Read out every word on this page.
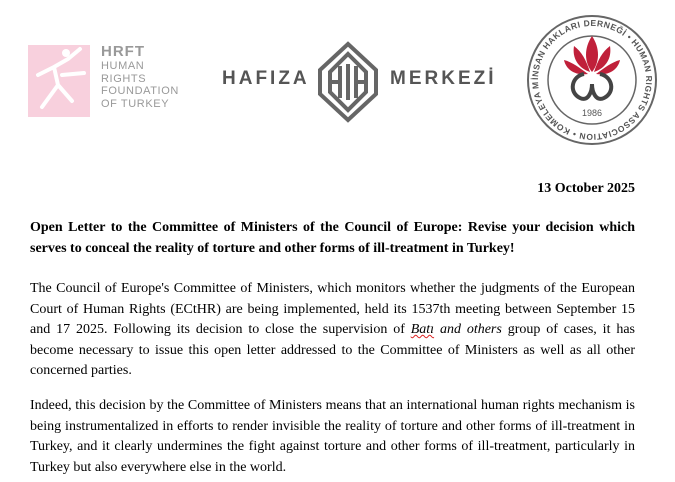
HRFT
HUMAN
RIGHTS
FOUNDATION
OF TURKEY
HAFIZA	MERKEZİ	İNSAN HAKLARI DERNEĞİ • HUMAN RIGHTS ASSOCIATION • KOMELEYA M
1986
13 October 2025

Open Letter to the Committee of Ministers of the Council of Europe: Revise your decision which serves to conceal the reality of torture and other forms of ill-treatment in Turkey!

The Council of Europe's Committee of Ministers, which monitors whether the judgments of the European Court of Human Rights (ECtHR) are being implemented, held its 1537th meeting between September 15 and 17 2025. Following its decision to close the supervision of Batı and others group of cases, it has become necessary to issue this open letter addressed to the Committee of Ministers as well as all other concerned parties.

Indeed, this decision by the Committee of Ministers means that an international human rights mechanism is being instrumentalized in efforts to render invisible the reality of torture and other forms of ill-treatment in Turkey, and it clearly undermines the fight against torture and other forms of ill-treatment, particularly in Turkey but also everywhere else in the world.
